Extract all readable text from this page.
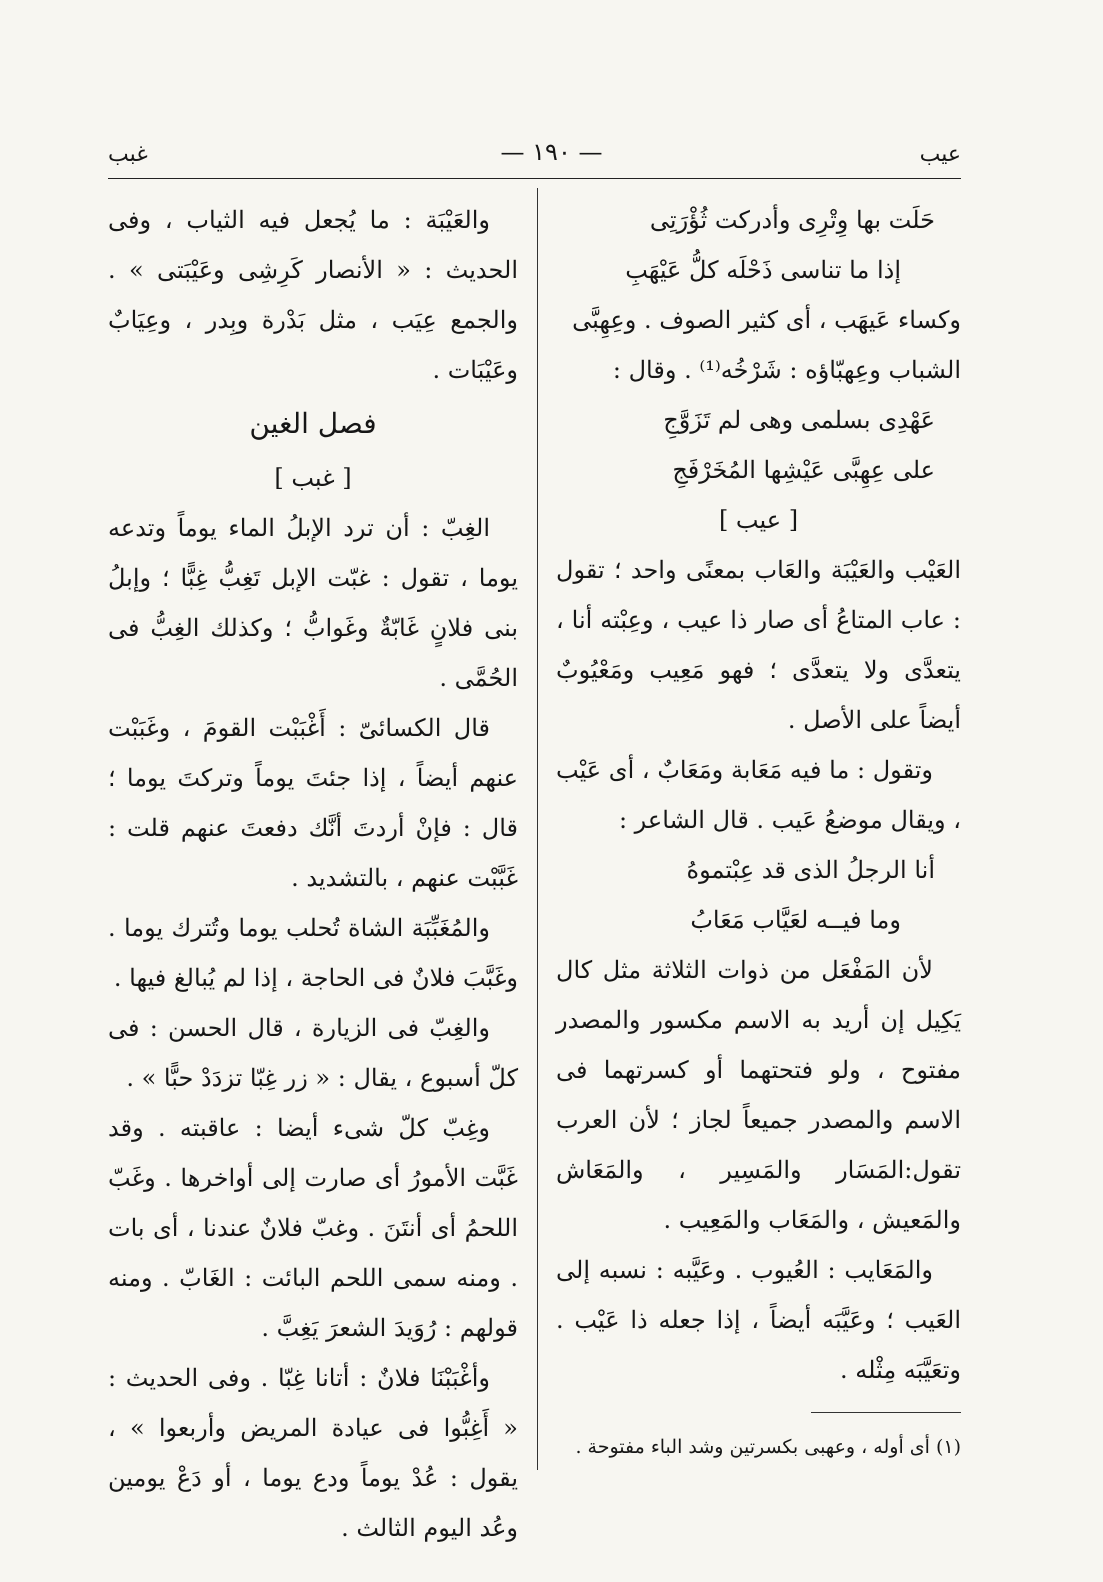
عيب
— ١٩٠ —
غبب

حَلَت بها وِتْرِى وأدركت ثُؤْرَتِى

إذا ما تناسى ذَحْلَه كلُّ عَيْهَبِ

وكساء عَيهَب ، أى كثير الصوف . وعِهِبَّى

الشباب وعِهبّاؤه : شَرْخُه⁽¹⁾ . وقال :

عَهْدِى بسلمى وهى لم تَزَوَّجِ

على عِهِبَّى عَيْشِها المُخَرْفَجِ

[ عيب ]

العَيْب والعَيْبَة والعَاب بمعنًى واحد ؛ تقول : عاب المتاعُ أى صار ذا عيب ، وعِبْته أنا ، يتعدَّى ولا يتعدَّى ؛ فهو مَعِيب ومَعْيُوبٌ أيضاً على الأصل .

وتقول : ما فيه مَعَابة ومَعَابٌ ، أى عَيْب ، ويقال موضعُ عَيب . قال الشاعر :

أنا الرجلُ الذى قد عِبْتموهُ

وما فيــه لعَيَّاب مَعَابُ

لأن المَفْعَل من ذوات الثلاثة مثل كال يَكِيل إن أريد به الاسم مكسور والمصدر مفتوح ، ولو فتحتهما أو كسرتهما فى الاسم والمصدر جميعاً لجاز ؛ لأن العرب تقول:المَسَار والمَسِير ، والمَعَاش والمَعيش ، والمَعَاب والمَعِيب .

والمَعَايب : العُيوب . وعَيَّبه : نسبه إلى العَيب ؛ وعَيَّبَه أيضاً ، إذا جعله ذا عَيْب . وتعَيَّبَه مِثْله .

(١) أى أوله ، وعهبى بكسرتين وشد الباء مفتوحة .

والعَيْبَة : ما يُجعل فيه الثياب ، وفى الحديث : « الأنصار كَرِشِى وعَيْبَتى » . والجمع عِيَب ، مثل بَدْرة وبِدر ، وعِيَابٌ وعَيْبَات .

فصل الغين

[ غبب ]

الغِبّ : أن ترد الإبلُ الماء يوماً وتدعه يوما ، تقول : غبّت الإبل تَغِبُّ غِبًّا ؛ وإبلُ بنى فلانٍ غَابّةٌ وغَوابُّ ؛ وكذلك الغِبُّ فى الحُمَّى .

قال الكسائىّ : أَغْبَبْت القومَ ، وغَبَبْت عنهم أيضاً ، إذا جئتَ يوماً وتركتَ يوما ؛ قال : فإنْ أردتَ أنَّك دفعتَ عنهم قلت : غَبَّبْت عنهم ، بالتشديد .

والمُغَبِّبَة الشاة تُحلب يوما وتُترك يوما . وغَبَّبَ فلانٌ فى الحاجة ، إذا لم يُبالغ فيها .

والغِبّ فى الزيارة ، قال الحسن : فى كلّ أسبوع ، يقال : « زر غِبّا تزدَدْ حبًّا » .

وغِبّ كلّ شىء أيضا : عاقبته . وقد غَبَّت الأمورُ أى صارت إلى أواخرها . وغَبّ اللحمُ أى أنتَنَ . وغبّ فلانٌ عندنا ، أى بات . ومنه سمى اللحم البائت : الغَابّ . ومنه قولهم : رُوَيدَ الشعرَ يَغِبَّ .

وأغْبَبْنَا فلانٌ : أتانا غِبّا . وفى الحديث : « أَغِبُّوا فى عيادة المريض وأربعوا » ، يقول : عُدْ يوماً ودع يوما ، أو دَعْ يومين وعُد اليوم الثالث .
